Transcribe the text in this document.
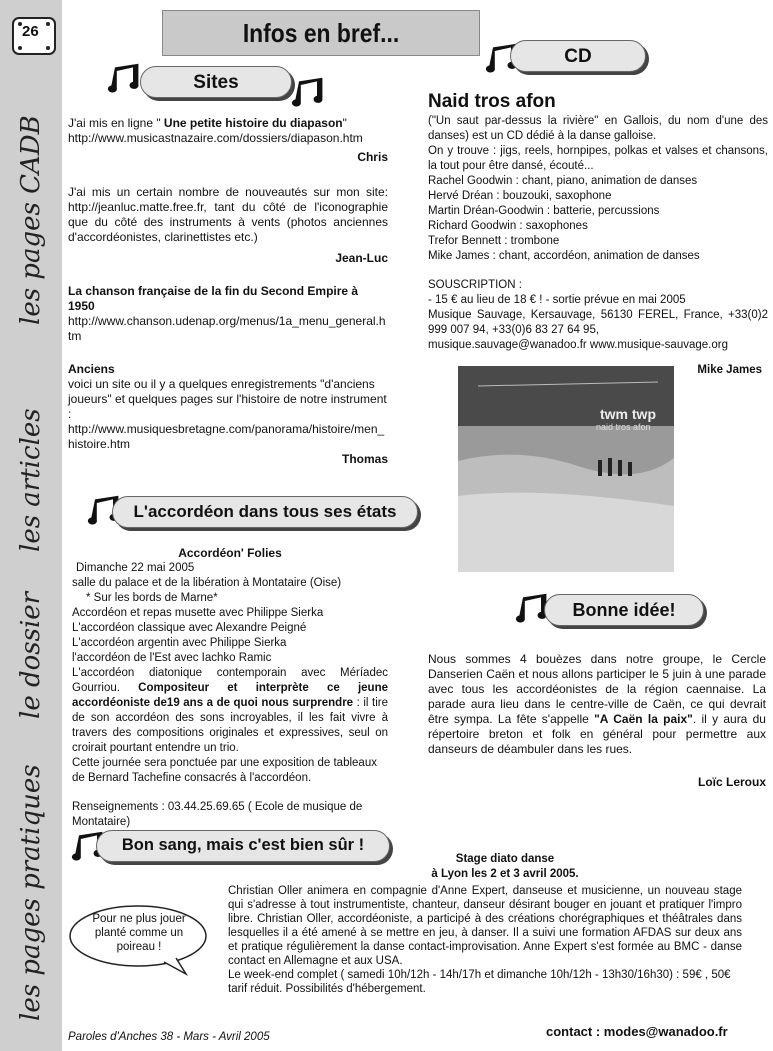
les pages CADB
les articles
le dossier
les pages pratiques
26	Infos en bref...
Sites

J'ai mis en ligne " Une petite histoire du diapason"

http://www.musicastnazaire.com/dossiers/diapason.htm

Chris

J'ai mis un certain nombre de nouveautés sur mon site: http://jeanluc.matte.free.fr, tant du côté de l'iconographie que du côté des instruments à vents (photos anciennes d'accordéonistes, clarinettistes etc.)

Jean-Luc

La chanson française de la fin du Second Empire à 1950

http://www.chanson.udenap.org/menus/1a_menu_general.htm

Anciens

voici un site ou il y a quelques enregistrements "d'anciens joueurs" et quelques pages sur l'histoire de notre instrument :

http://www.musiquesbretagne.com/panorama/histoire/men_histoire.htm

Thomas

L'accordéon dans tous ses états

Accordéon' Folies

Dimanche 22 mai 2005

salle du palace et de la libération à Montataire (Oise)

* Sur les bords de Marne*

Accordéon et repas musette avec Philippe Sierka

L'accordéon classique avec Alexandre Peigné

L'accordéon argentin avec Philippe Sierka

l'accordéon de l'Est avec Iachko Ramic

L'accordéon diatonique contemporain avec Méríadec Gourriou. Compositeur et interprète ce jeune accordéoniste de19 ans a de quoi nous surprendre : il tire de son accordéon des sons incroyables, il les fait vivre à travers des compositions originales et expressives, seul on croirait pourtant entendre un trio.

Cette journée sera ponctuée par une exposition de tableaux de Bernard Tachefine consacrés à l'accordéon.

Renseignements : 03.44.25.69.65 ( Ecole de musique de Montataire)

Bon sang, mais c'est bien sûr !

Stage diato danse

à Lyon les 2 et 3 avril 2005.

Pour ne plus jouer planté comme un poireau !

Christian Oller animera en compagnie d'Anne Expert, danseuse et musicienne, un nouveau stage qui s'adresse à tout instrumentiste, chanteur, danseur désirant bouger en jouant et pratiquer l'impro libre. Christian Oller, accordéoniste, a participé à des créations chorégraphiques et théâtrales dans lesquelles il a été amené à se mettre en jeu, à danser. Il a suivi une formation AFDAS sur deux ans et pratique régulièrement la danse contact-improvisation. Anne Expert s'est formée au BMC - danse contact en Allemagne et aux USA.

Le week-end complet ( samedi 10h/12h - 14h/17h et dimanche 10h/12h - 13h30/16h30) : 59€ , 50€ tarif réduit. Possibilités d'hébergement.

CD

Naid tros afon

("Un saut par-dessus la rivière" en Gallois, du nom d'une des danses) est un CD dédié à la danse galloise.

On y trouve : jigs, reels, hornpipes, polkas et valses et chansons, la tout pour être dansé, écouté...

Rachel Goodwin : chant, piano, animation de danses

Hervé Dréan : bouzouki, saxophone

Martin Dréan-Goodwin : batterie, percussions

Richard Goodwin : saxophones

Trefor Bennett : trombone

Mike James : chant, accordéon, animation de danses

SOUSCRIPTION :

- 15 € au lieu de 18 € ! - sortie prévue en mai 2005

Musique Sauvage, Kersauvage, 56130 FEREL, France, +33(0)2 999 007 94, +33(0)6 83 27 64 95,

musique.sauvage@wanadoo.fr www.musique-sauvage.org

Mike James

twm twp
naid tros afon
Bonne idée!

Nous sommes 4 bouèzes dans notre groupe, le Cercle Danserien Caën et nous allons participer le 5 juin à une parade avec tous les accordéonistes de la région caennaise. La parade aura lieu dans le centre-ville de Caën, ce qui devrait être sympa. La fête s'appelle "A Caën la paix". il y aura du répertoire breton et folk en général pour permettre aux danseurs de déambuler dans les rues.

Loïc Leroux

Paroles d'Anches 38 - Mars - Avril 2005	contact : modes@wanadoo.fr
